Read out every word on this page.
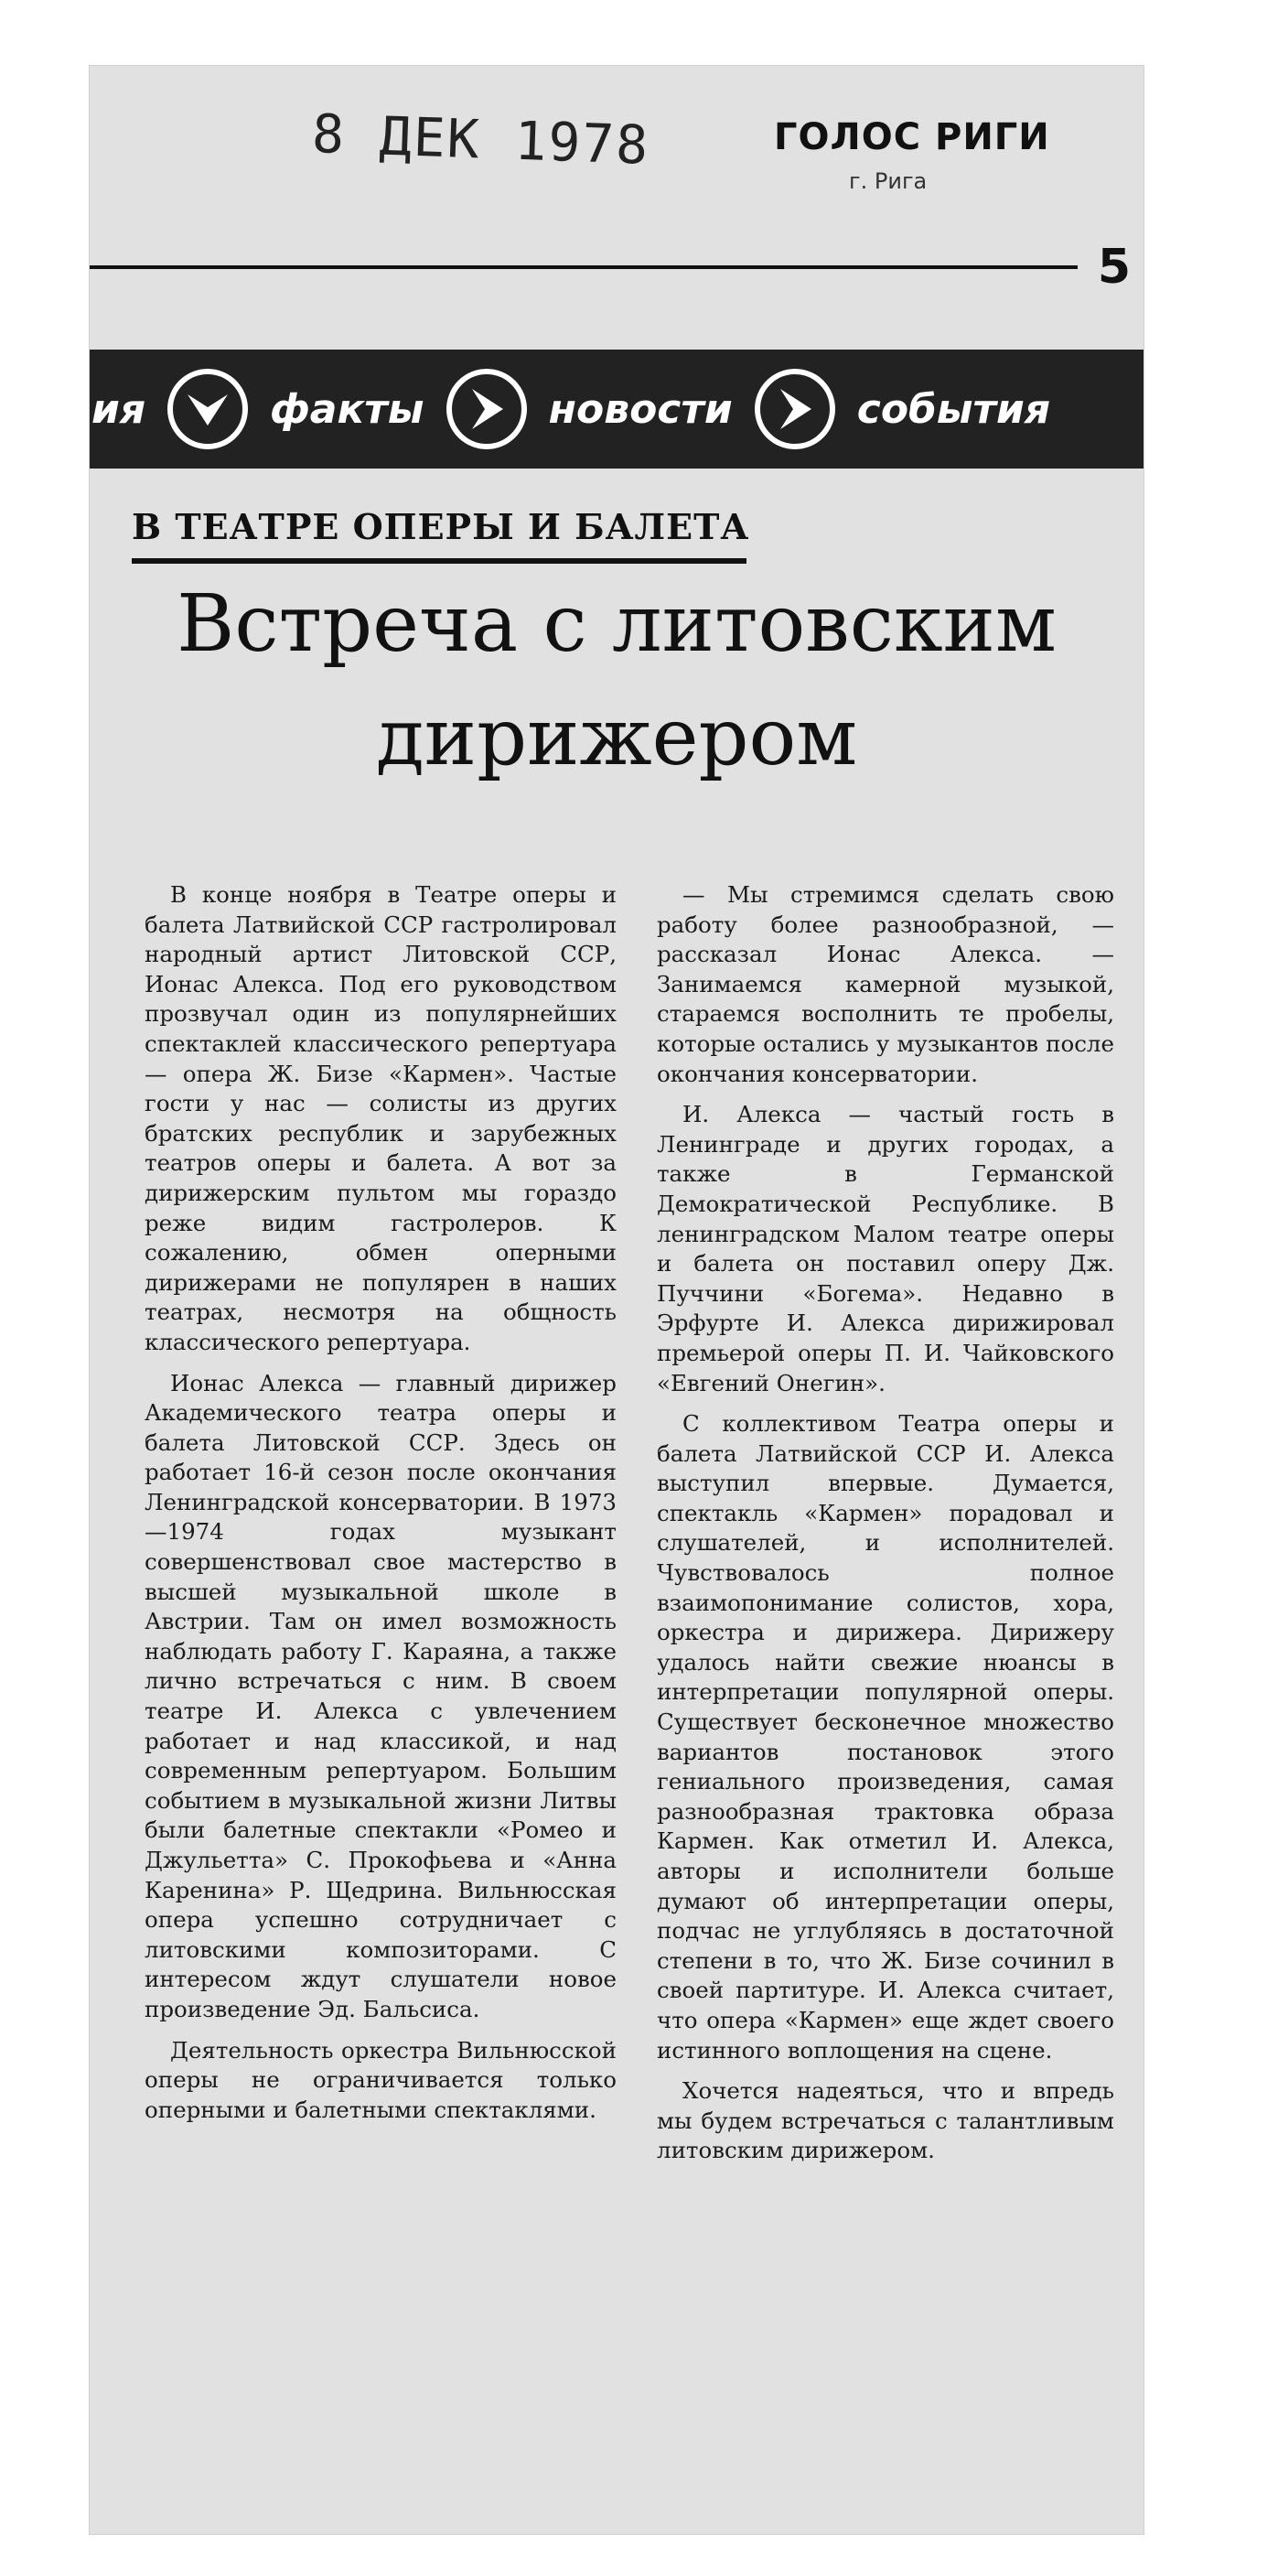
8 ДЕК 1978	ГОЛОС РИГИ
г. Рига
5
ия	факты	новости	события
В ТЕАТРЕ ОПЕРЫ И БАЛЕТА
Встреча с литовским дирижером

В конце ноября в Театре оперы и балета Латвийской ССР гастролировал народный артист Литовской ССР, Ионас Алекса. Под его руководством прозвучал один из популярнейших спектаклей классического репертуара — опера Ж. Бизе «Кармен». Частые гости у нас — солисты из других братских республик и зарубежных театров оперы и балета. А вот за дирижерским пультом мы гораздо реже видим гастролеров. К сожалению, обмен оперными дирижерами не популярен в наших театрах, несмотря на общность классического репертуара.

Ионас Алекса — главный дирижер Академического театра оперы и балета Литовской ССР. Здесь он работает 16-й сезон после окончания Ленинградской консерватории. В 1973—1974 годах музыкант совершенствовал свое мастерство в высшей музыкальной школе в Австрии. Там он имел возможность наблюдать работу Г. Караяна, а также лично встречаться с ним. В своем театре И. Алекса с увлечением работает и над классикой, и над современным репертуаром. Большим событием в музыкальной жизни Литвы были балетные спектакли «Ромео и Джульетта» С. Прокофьева и «Анна Каренина» Р. Щедрина. Вильнюсская опера успешно сотрудничает с литовскими композиторами. С интересом ждут слушатели новое произведение Эд. Бальсиса.

Деятельность оркестра Вильнюсской оперы не ограничивается только оперными и балетными спектаклями.

— Мы стремимся сделать свою работу более разнообразной, — рассказал Ионас Алекса. — Занимаемся камерной музыкой, стараемся восполнить те пробелы, которые остались у музыкантов после окончания консерватории.

И. Алекса — частый гость в Ленинграде и других городах, а также в Германской Демократической Республике. В ленинградском Малом театре оперы и балета он поставил оперу Дж. Пуччини «Богема». Недавно в Эрфурте И. Алекса дирижировал премьерой оперы П. И. Чайковского «Евгений Онегин».

С коллективом Театра оперы и балета Латвийской ССР И. Алекса выступил впервые. Думается, спектакль «Кармен» порадовал и слушателей, и исполнителей. Чувствовалось полное взаимопонимание солистов, хора, оркестра и дирижера. Дирижеру удалось найти свежие нюансы в интерпретации популярной оперы. Существует бесконечное множество вариантов постановок этого гениального произведения, самая разнообразная трактовка образа Кармен. Как отметил И. Алекса, авторы и исполнители больше думают об интерпретации оперы, подчас не углубляясь в достаточной степени в то, что Ж. Бизе сочинил в своей партитуре. И. Алекса считает, что опера «Кармен» еще ждет своего истинного воплощения на сцене.

Хочется надеяться, что и впредь мы будем встречаться с талантливым литовским дирижером.
